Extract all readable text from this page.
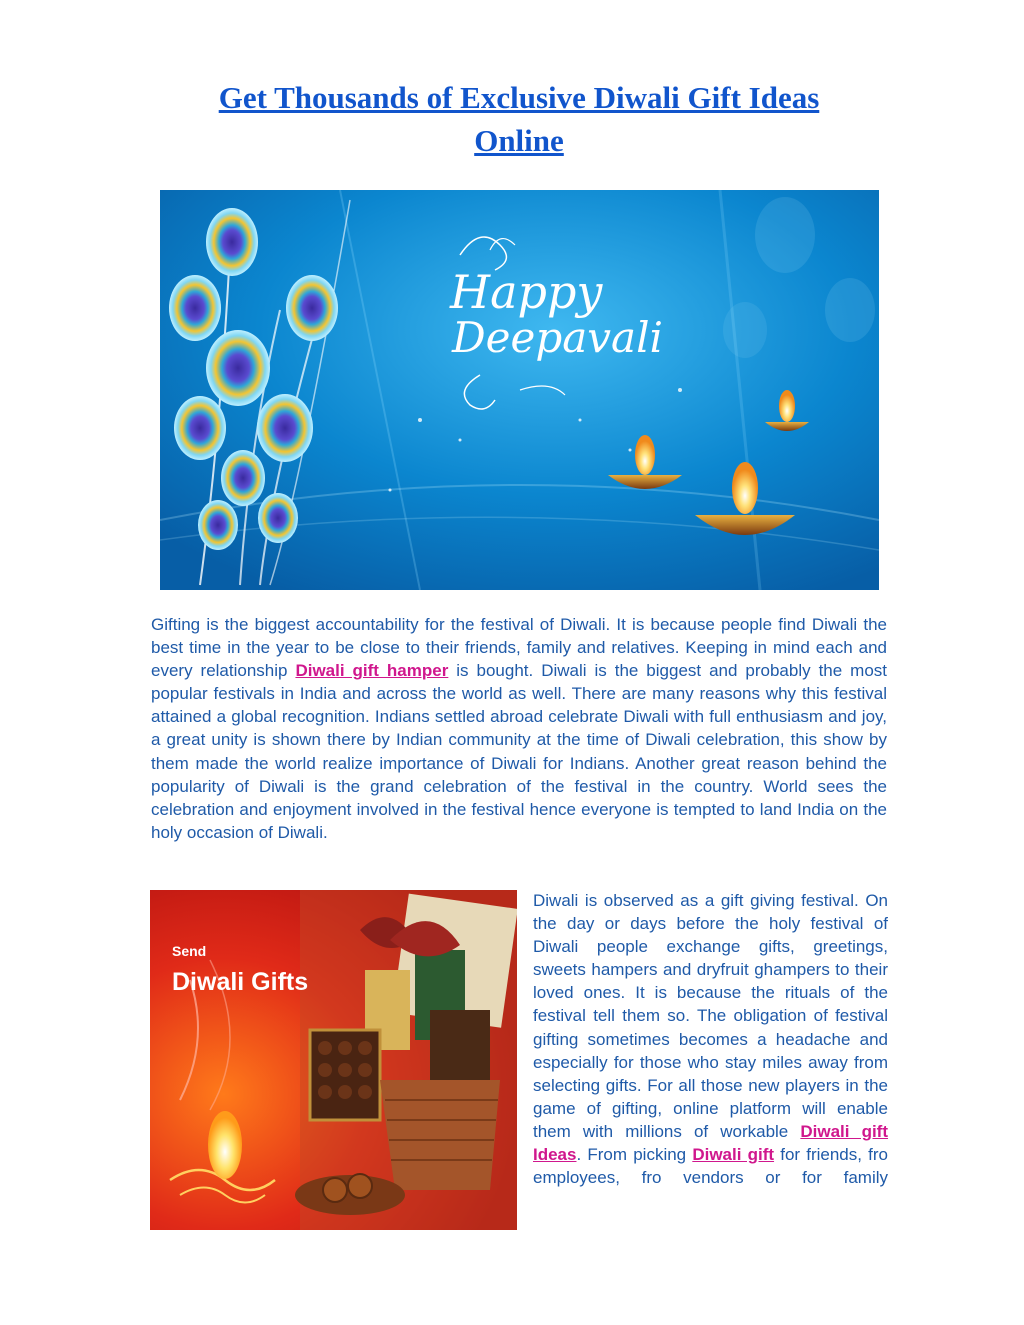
Get Thousands of Exclusive Diwali Gift Ideas
Online
Happy
Deepavali

Gifting is the biggest accountability for the festival of Diwali. It is because people find Diwali the best time in the year to be close to their friends, family and relatives. Keeping in mind each and every relationship Diwali gift hamper is bought. Diwali is the biggest and probably the most popular festivals in India and across the world as well. There are many reasons why this festival attained a global recognition. Indians settled abroad celebrate Diwali with full enthusiasm and joy, a great unity is shown there by Indian community at the time of Diwali celebration, this show by them made the world realize importance of Diwali for Indians. Another great reason behind the popularity of Diwali is the grand celebration of the festival in the country. World sees the celebration and enjoyment involved in the festival hence everyone is tempted to land India on the holy occasion of Diwali.

Send
Diwali Gifts

Diwali is observed as a gift giving festival. On the day or days before the holy festival of Diwali people exchange gifts, greetings, sweets hampers and dryfruit ghampers to their loved ones. It is because the rituals of the festival tell them so. The obligation of festival gifting sometimes becomes a headache and especially for those who stay miles away from selecting gifts. For all those new players in the game of gifting, online platform will enable them with millions of workable Diwali gift Ideas. From picking Diwali gift for friends, fro employees, fro vendors or for family
